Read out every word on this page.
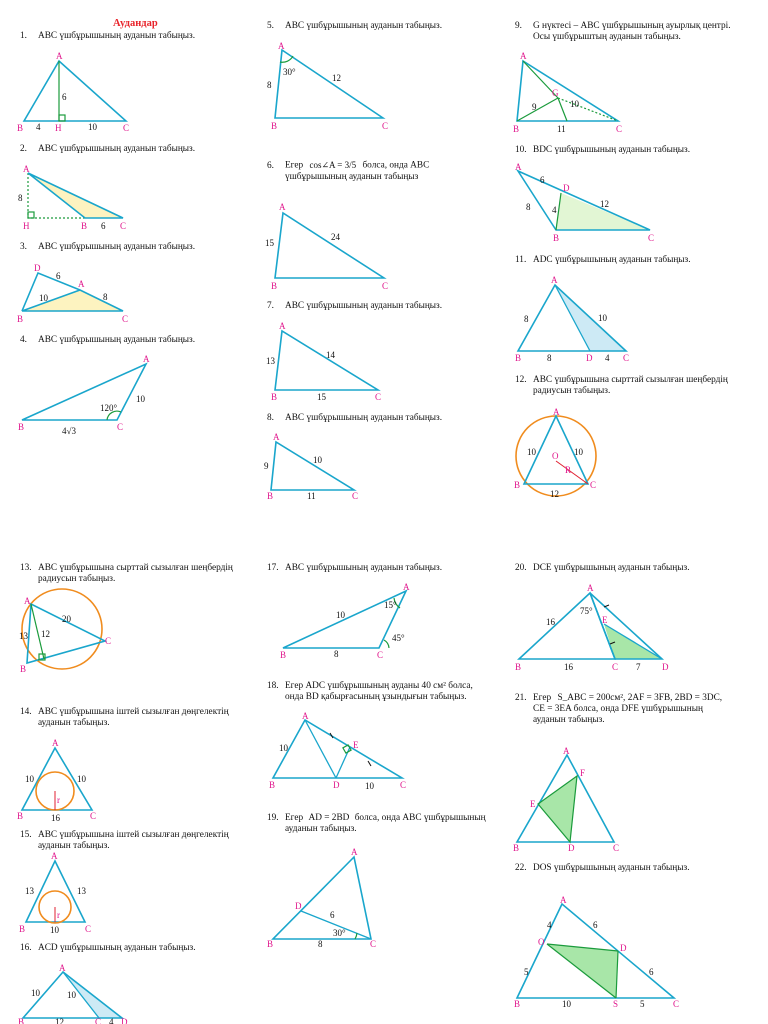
Аудандар
1. ABC үшбұрышының ауданын табыңыз.
2. ABC үшбұрышының ауданын табыңыз.
3. ABC үшбұрышының ауданын табыңыз.
4. ABC үшбұрышының ауданын табыңыз.
5. ABC үшбұрышының ауданын табыңыз.
6. Егер cos∠A = 3/5 болса, онда ABC
үшбұрышының ауданын табыңыз
7. ABC үшбұрышының ауданын табыңыз.
8. ABC үшбұрышының ауданын табыңыз.
9. G нүктесі – ABC үшбұрышының ауырлық центрі.
Осы үшбұрыштың ауданын табыңыз.
10. BDC үшбұрышының ауданын табыңыз.
11. ADC үшбұрышының ауданын табыңыз.
12. ABC үшбұрышына сырттай сызылған шеңбердің
радиусын табыңыз.
13. ABC үшбұрышына сырттай сызылған шеңбердің
радиусын табыңыз.
14. ABC үшбұрышына іштей сызылған дөңгелектің
ауданын табыңыз.
15. ABC үшбұрышына іштей сызылған дөңгелектің
ауданын табыңыз.
16. ACD үшбұрышының ауданын табыңыз.
17. ABC үшбұрышының ауданын табыңыз.
18. Егер ADC үшбұрышының ауданы 40 см² болса,
онда BD қабырғасының ұзындығын табыңыз.
19. Егер AD = 2BD болса, онда ABC үшбұрышының
ауданын табыңыз.
20. DCE үшбұрышының ауданын табыңыз.
21. Егер S_ABC = 200см², 2AF = 3FB, 2BD = 3DC,
CE = 3EA болса, онда DFE үшбұрышының
ауданын табыңыз.
22. DOS үшбұрышының ауданын табыңыз.
A
B	H	C
6
4	10
A
H	B	C
8
6
D
A
B	C
6
10	8
A
B	C
10
120°
4√3
A
B	C
30°
8
12
A
B	C
15
24
A
B	C
13
14
15
A
B	C
9
10
11
A
G
B	C
9	10
11
A
D
B	C
6
8 4
12
A
B	D	C
8	10
8	4
A
B	C
O
R
10	10
12
A
B
C
13 12
20
A
B	C
10	10
16
r
A
B	C
13	13
10
r
A
B	C D
10	10
12	4
A
B	C
10
15°
45°
8
A
E
B	D	C
10
10
A
D
B	C
6
30°
8
A
E
B	C	D
75°
16
16	7
A
F
E
B	D	C
A
O
D
B	S	C
4	6
5	6
10	5
